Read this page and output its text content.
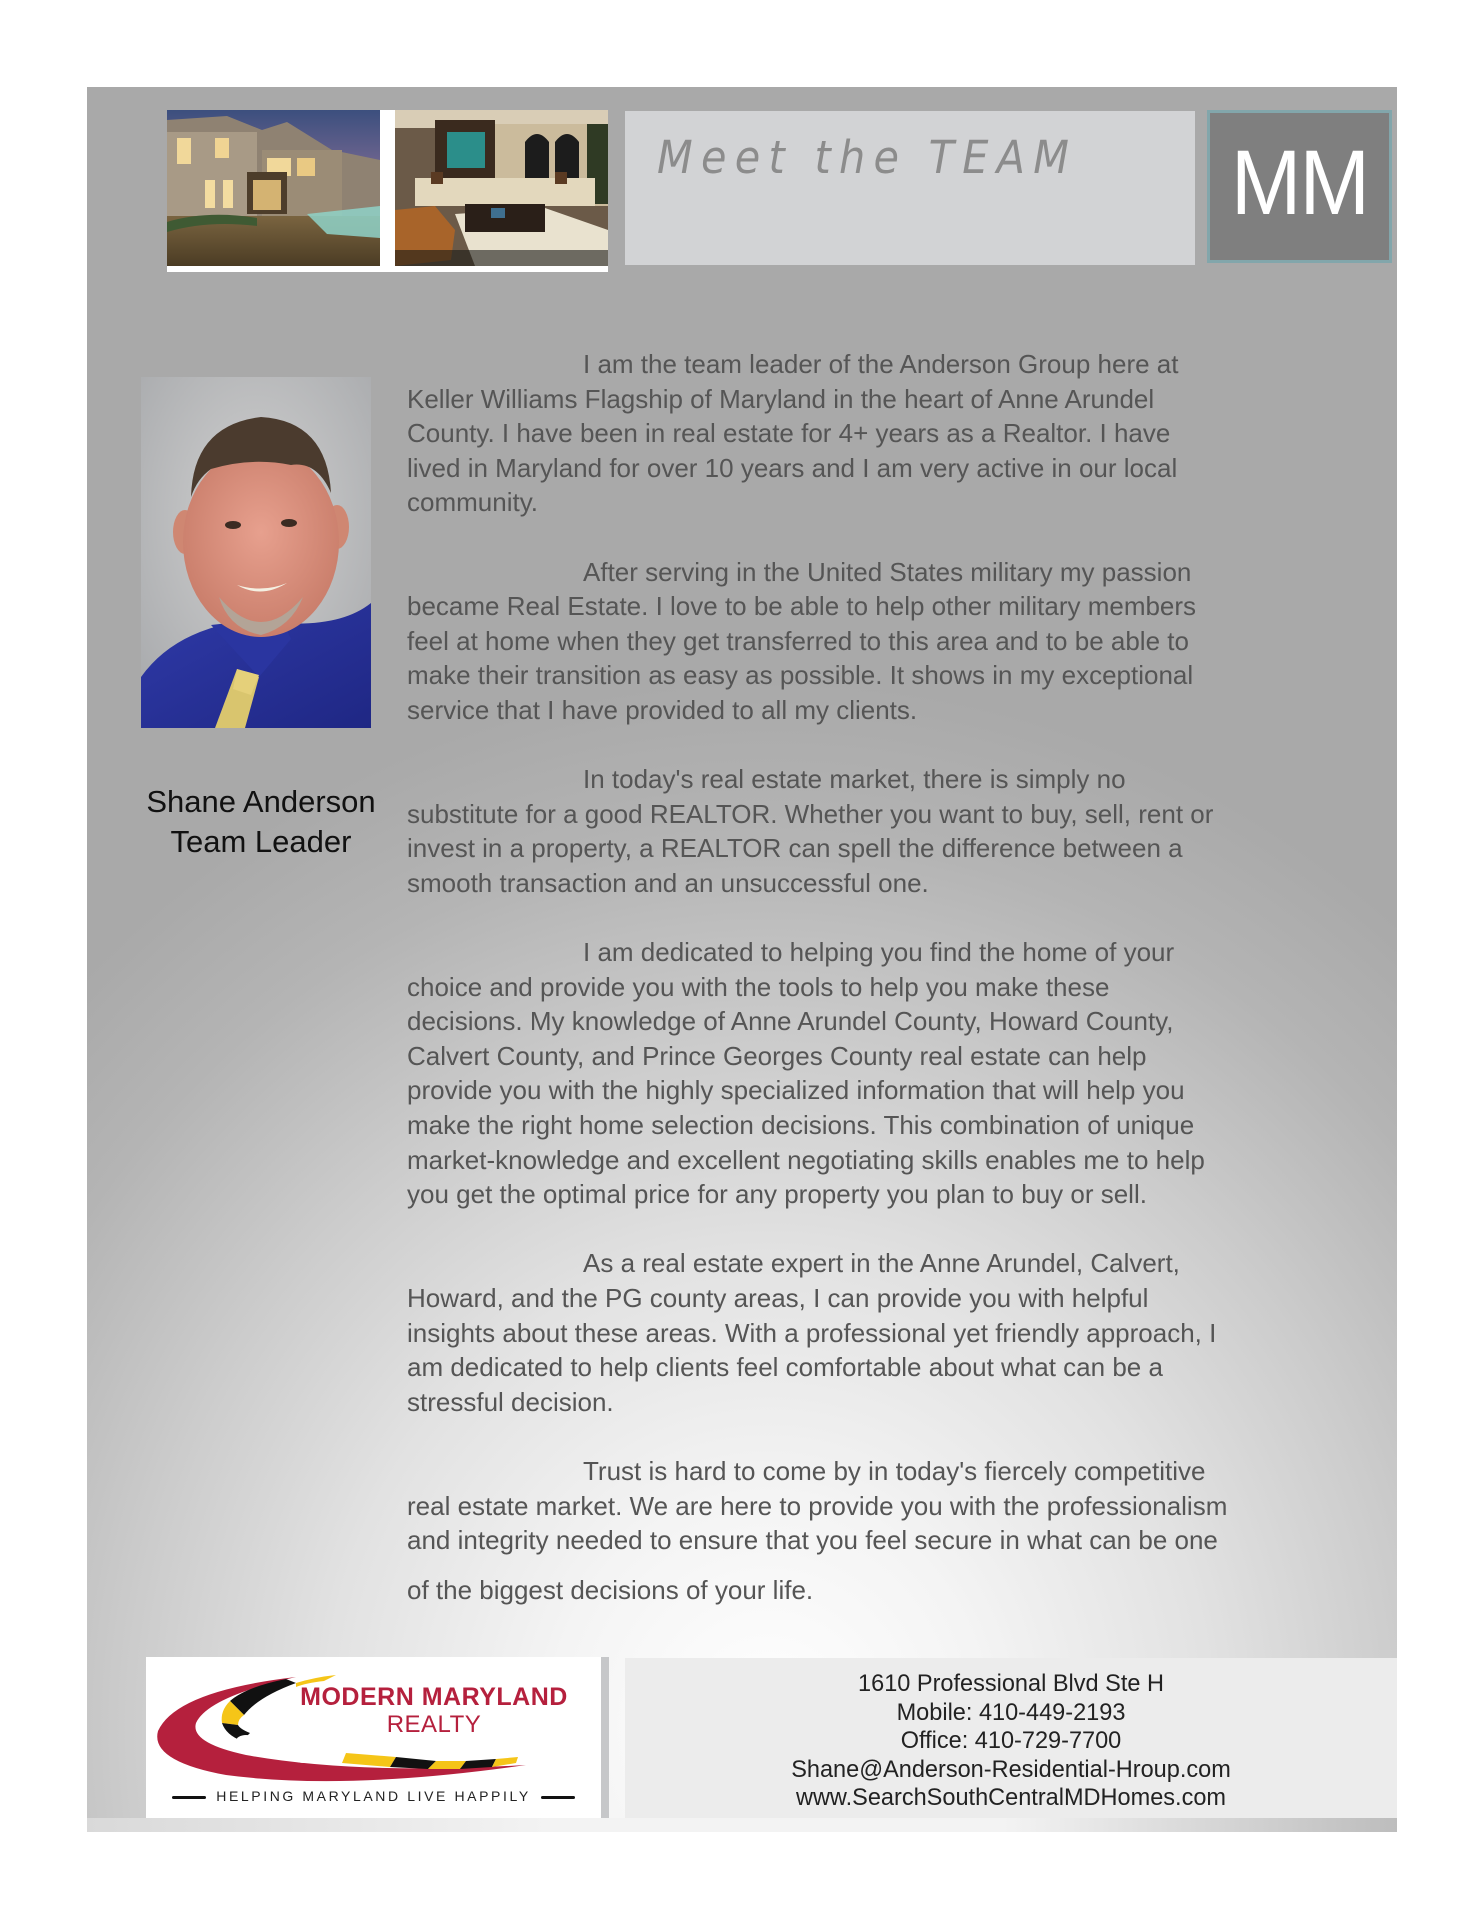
Meet the TEAM MM
Shane Anderson
Team Leader
I am the team leader of the Anderson Group here at
Keller Williams Flagship of Maryland in the heart of Anne Arundel
County. I have been in real estate for 4+ years as a Realtor. I have
lived in Maryland for over 10 years and I am very active in our local
community.
After serving in the United States military my passion
became Real Estate. I love to be able to help other military members
feel at home when they get transferred to this area and to be able to
make their transition as easy as possible. It shows in my exceptional
service that I have provided to all my clients.
In today's real estate market, there is simply no
substitute for a good REALTOR. Whether you want to buy, sell, rent or
invest in a property, a REALTOR can spell the difference between a
smooth transaction and an unsuccessful one.
I am dedicated to helping you find the home of your
choice and provide you with the tools to help you make these
decisions. My knowledge of Anne Arundel County, Howard County,
Calvert County, and Prince Georges County real estate can help
provide you with the highly specialized information that will help you
make the right home selection decisions. This combination of unique
market-knowledge and excellent negotiating skills enables me to help
you get the optimal price for any property you plan to buy or sell.
As a real estate expert in the Anne Arundel, Calvert,
Howard, and the PG county areas, I can provide you with helpful
insights about these areas. With a professional yet friendly approach, I
am dedicated to help clients feel comfortable about what can be a
stressful decision.
Trust is hard to come by in today's fiercely competitive
real estate market. We are here to provide you with the professionalism
and integrity needed to ensure that you feel secure in what can be one
of the biggest decisions of your life.
MODERN MARYLAND
REALTY
HELPING MARYLAND LIVE HAPPILY
1610 Professional Blvd Ste H
Mobile: 410-449-2193
Office: 410-729-7700
Shane@Anderson-Residential-Hroup.com
www.SearchSouthCentralMDHomes.com
